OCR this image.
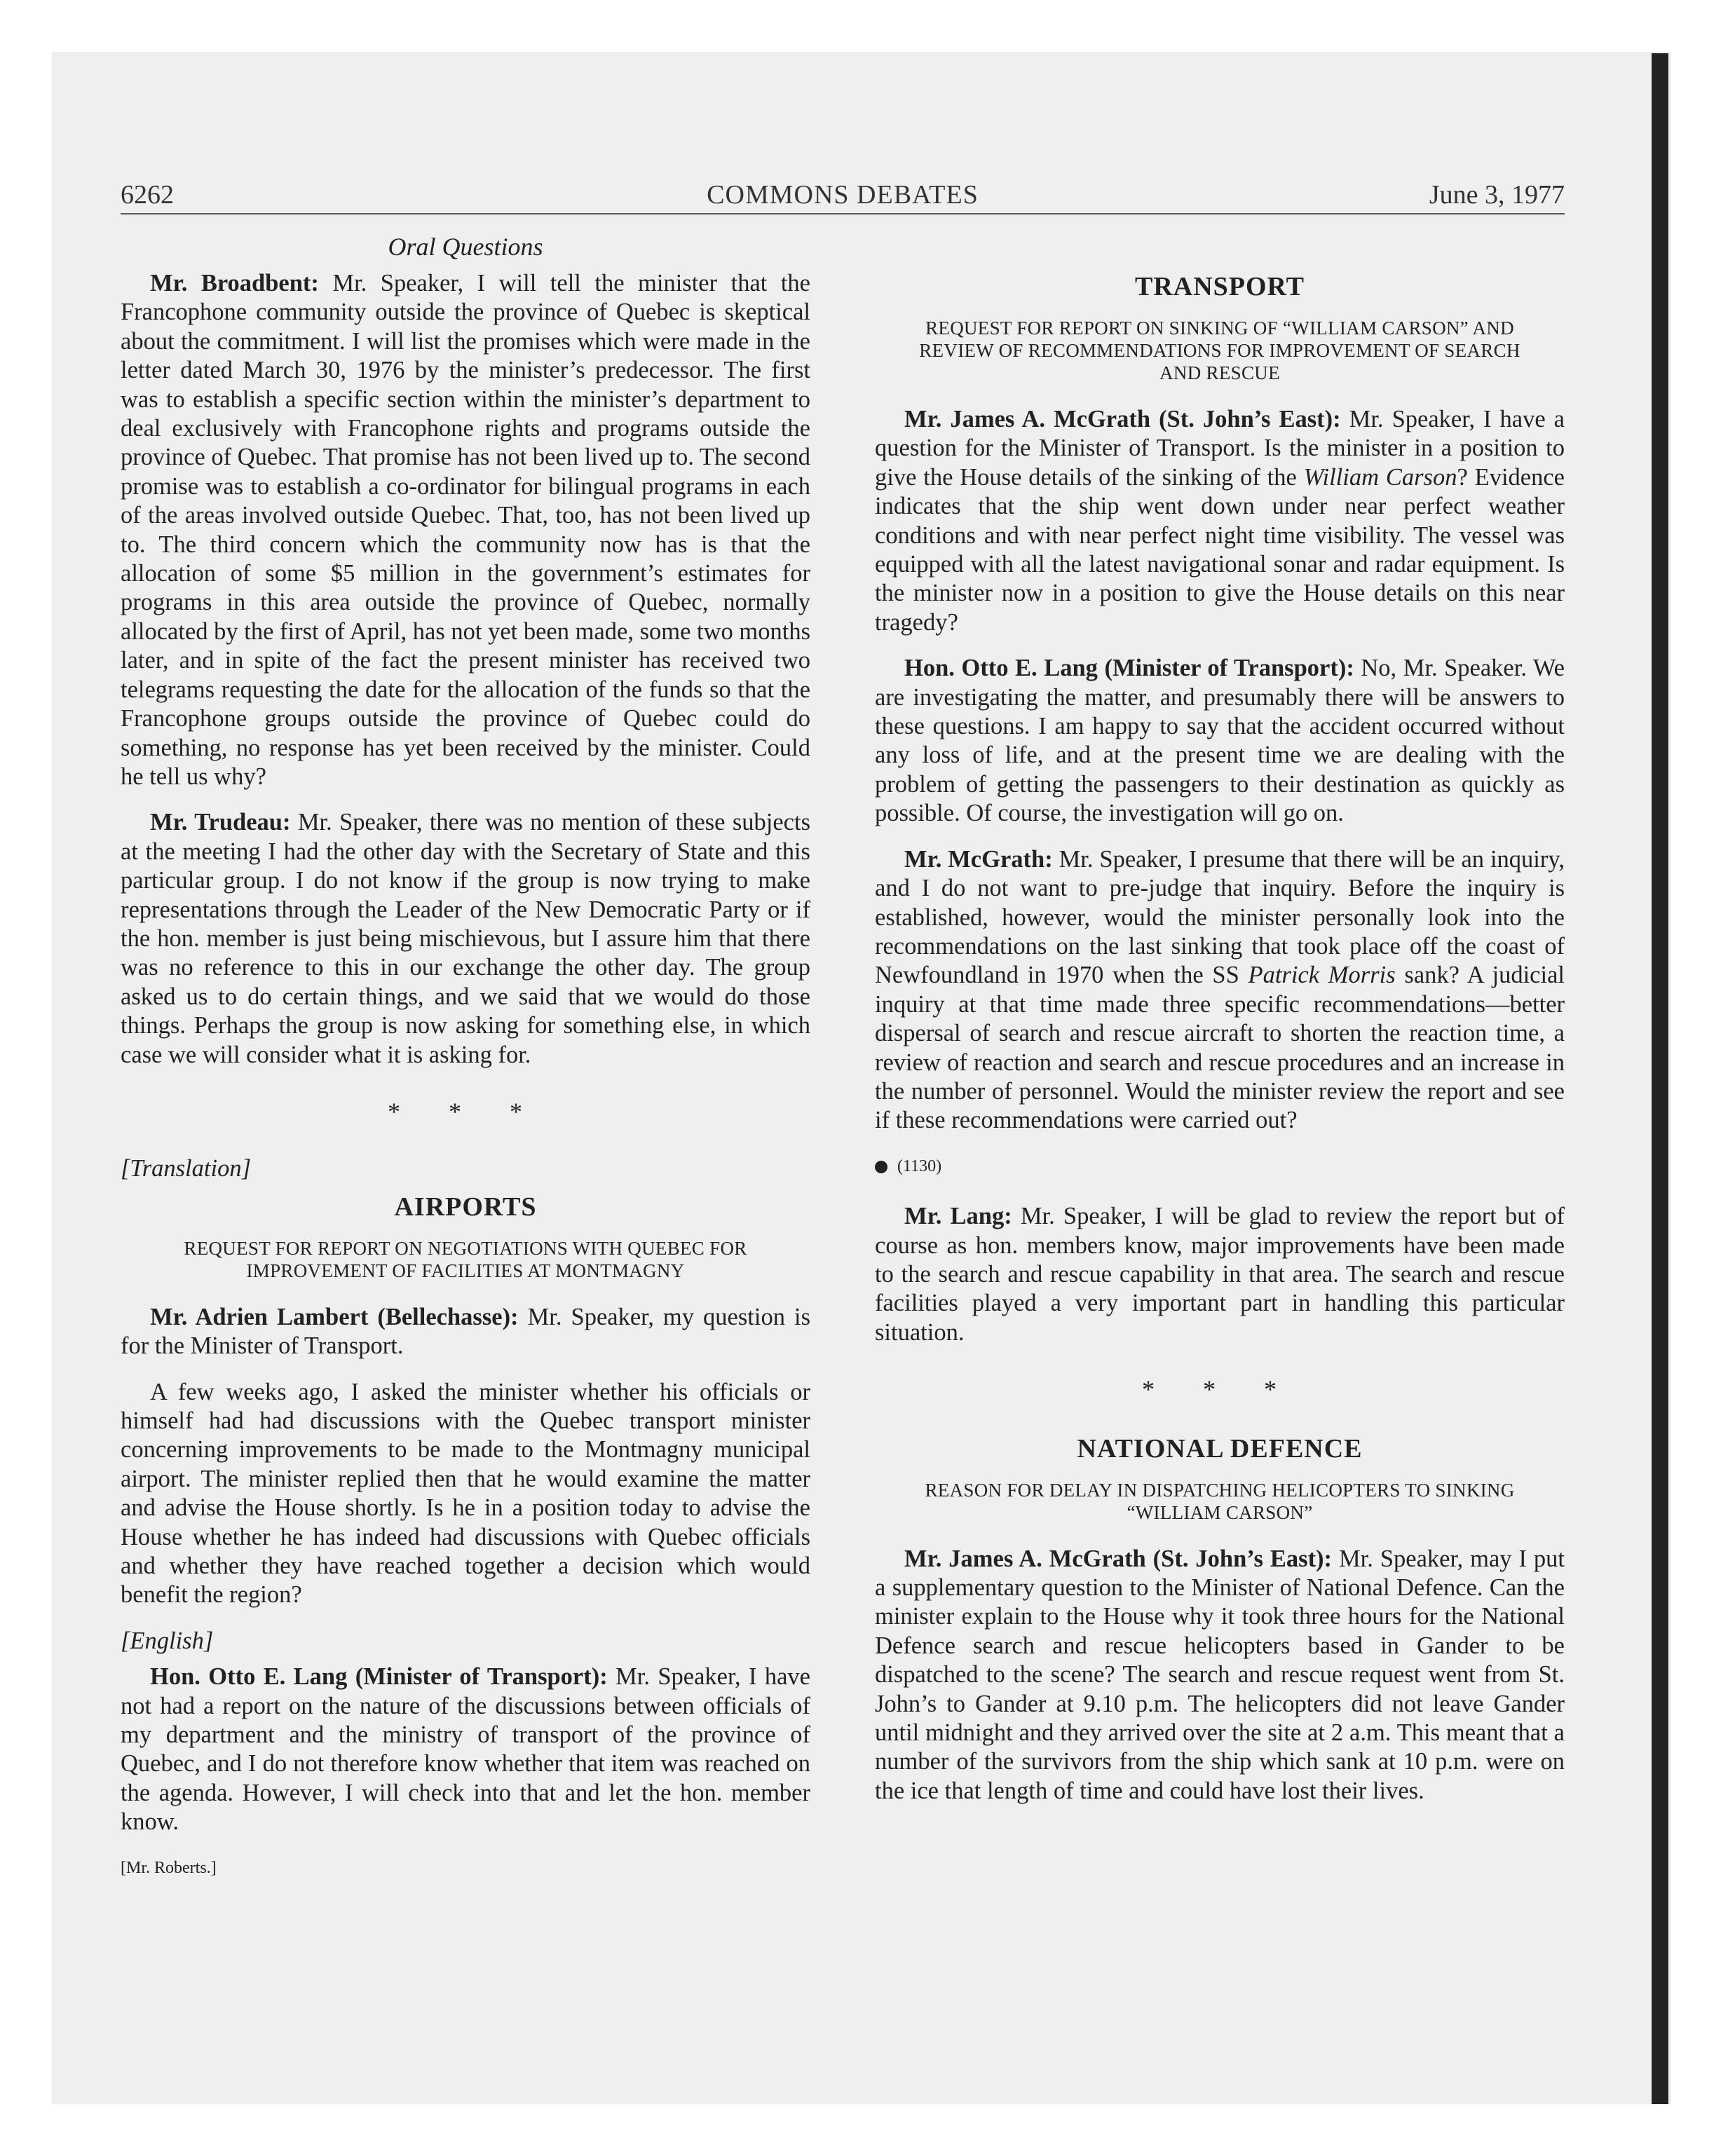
6262	COMMONS DEBATES	June 3, 1977
Oral Questions

Mr. Broadbent: Mr. Speaker, I will tell the minister that the Francophone community outside the province of Quebec is skeptical about the commitment. I will list the promises which were made in the letter dated March 30, 1976 by the minister’s predecessor. The first was to establish a specific section within the minister’s department to deal exclusively with Francophone rights and programs outside the province of Quebec. That promise has not been lived up to. The second promise was to establish a co-ordinator for bilingual programs in each of the areas involved outside Quebec. That, too, has not been lived up to. The third concern which the community now has is that the allocation of some $5 million in the government’s estimates for programs in this area outside the province of Quebec, normally allocated by the first of April, has not yet been made, some two months later, and in spite of the fact the present minister has received two telegrams requesting the date for the allocation of the funds so that the Francophone groups outside the province of Quebec could do something, no response has yet been received by the minister. Could he tell us why?

Mr. Trudeau: Mr. Speaker, there was no mention of these subjects at the meeting I had the other day with the Secretary of State and this particular group. I do not know if the group is now trying to make representations through the Leader of the New Democratic Party or if the hon. member is just being mischievous, but I assure him that there was no reference to this in our exchange the other day. The group asked us to do certain things, and we said that we would do those things. Perhaps the group is now asking for something else, in which case we will consider what it is asking for.

* * *
[Translation]
AIRPORTS
REQUEST FOR REPORT ON NEGOTIATIONS WITH QUEBEC FOR IMPROVEMENT OF FACILITIES AT MONTMAGNY

Mr. Adrien Lambert (Bellechasse): Mr. Speaker, my question is for the Minister of Transport.

A few weeks ago, I asked the minister whether his officials or himself had had discussions with the Quebec transport minister concerning improvements to be made to the Montmagny municipal airport. The minister replied then that he would examine the matter and advise the House shortly. Is he in a position today to advise the House whether he has indeed had discussions with Quebec officials and whether they have reached together a decision which would benefit the region?

[English]

Hon. Otto E. Lang (Minister of Transport): Mr. Speaker, I have not had a report on the nature of the discussions between officials of my department and the ministry of transport of the province of Quebec, and I do not therefore know whether that item was reached on the agenda. However, I will check into that and let the hon. member know.

[Mr. Roberts.]
TRANSPORT
REQUEST FOR REPORT ON SINKING OF “WILLIAM CARSON” AND REVIEW OF RECOMMENDATIONS FOR IMPROVEMENT OF SEARCH AND RESCUE

Mr. James A. McGrath (St. John’s East): Mr. Speaker, I have a question for the Minister of Transport. Is the minister in a position to give the House details of the sinking of the William Carson? Evidence indicates that the ship went down under near perfect weather conditions and with near perfect night time visibility. The vessel was equipped with all the latest navigational sonar and radar equipment. Is the minister now in a position to give the House details on this near tragedy?

Hon. Otto E. Lang (Minister of Transport): No, Mr. Speaker. We are investigating the matter, and presumably there will be answers to these questions. I am happy to say that the accident occurred without any loss of life, and at the present time we are dealing with the problem of getting the passengers to their destination as quickly as possible. Of course, the investigation will go on.

Mr. McGrath: Mr. Speaker, I presume that there will be an inquiry, and I do not want to pre-judge that inquiry. Before the inquiry is established, however, would the minister personally look into the recommendations on the last sinking that took place off the coast of Newfoundland in 1970 when the SS Patrick Morris sank? A judicial inquiry at that time made three specific recommendations—better dispersal of search and rescue aircraft to shorten the reaction time, a review of reaction and search and rescue procedures and an increase in the number of personnel. Would the minister review the report and see if these recommendations were carried out?

(1130)

Mr. Lang: Mr. Speaker, I will be glad to review the report but of course as hon. members know, major improvements have been made to the search and rescue capability in that area. The search and rescue facilities played a very important part in handling this particular situation.

* * *
NATIONAL DEFENCE
REASON FOR DELAY IN DISPATCHING HELICOPTERS TO SINKING “WILLIAM CARSON”

Mr. James A. McGrath (St. John’s East): Mr. Speaker, may I put a supplementary question to the Minister of National Defence. Can the minister explain to the House why it took three hours for the National Defence search and rescue helicopters based in Gander to be dispatched to the scene? The search and rescue request went from St. John’s to Gander at 9.10 p.m. The helicopters did not leave Gander until midnight and they arrived over the site at 2 a.m. This meant that a number of the survivors from the ship which sank at 10 p.m. were on the ice that length of time and could have lost their lives.
